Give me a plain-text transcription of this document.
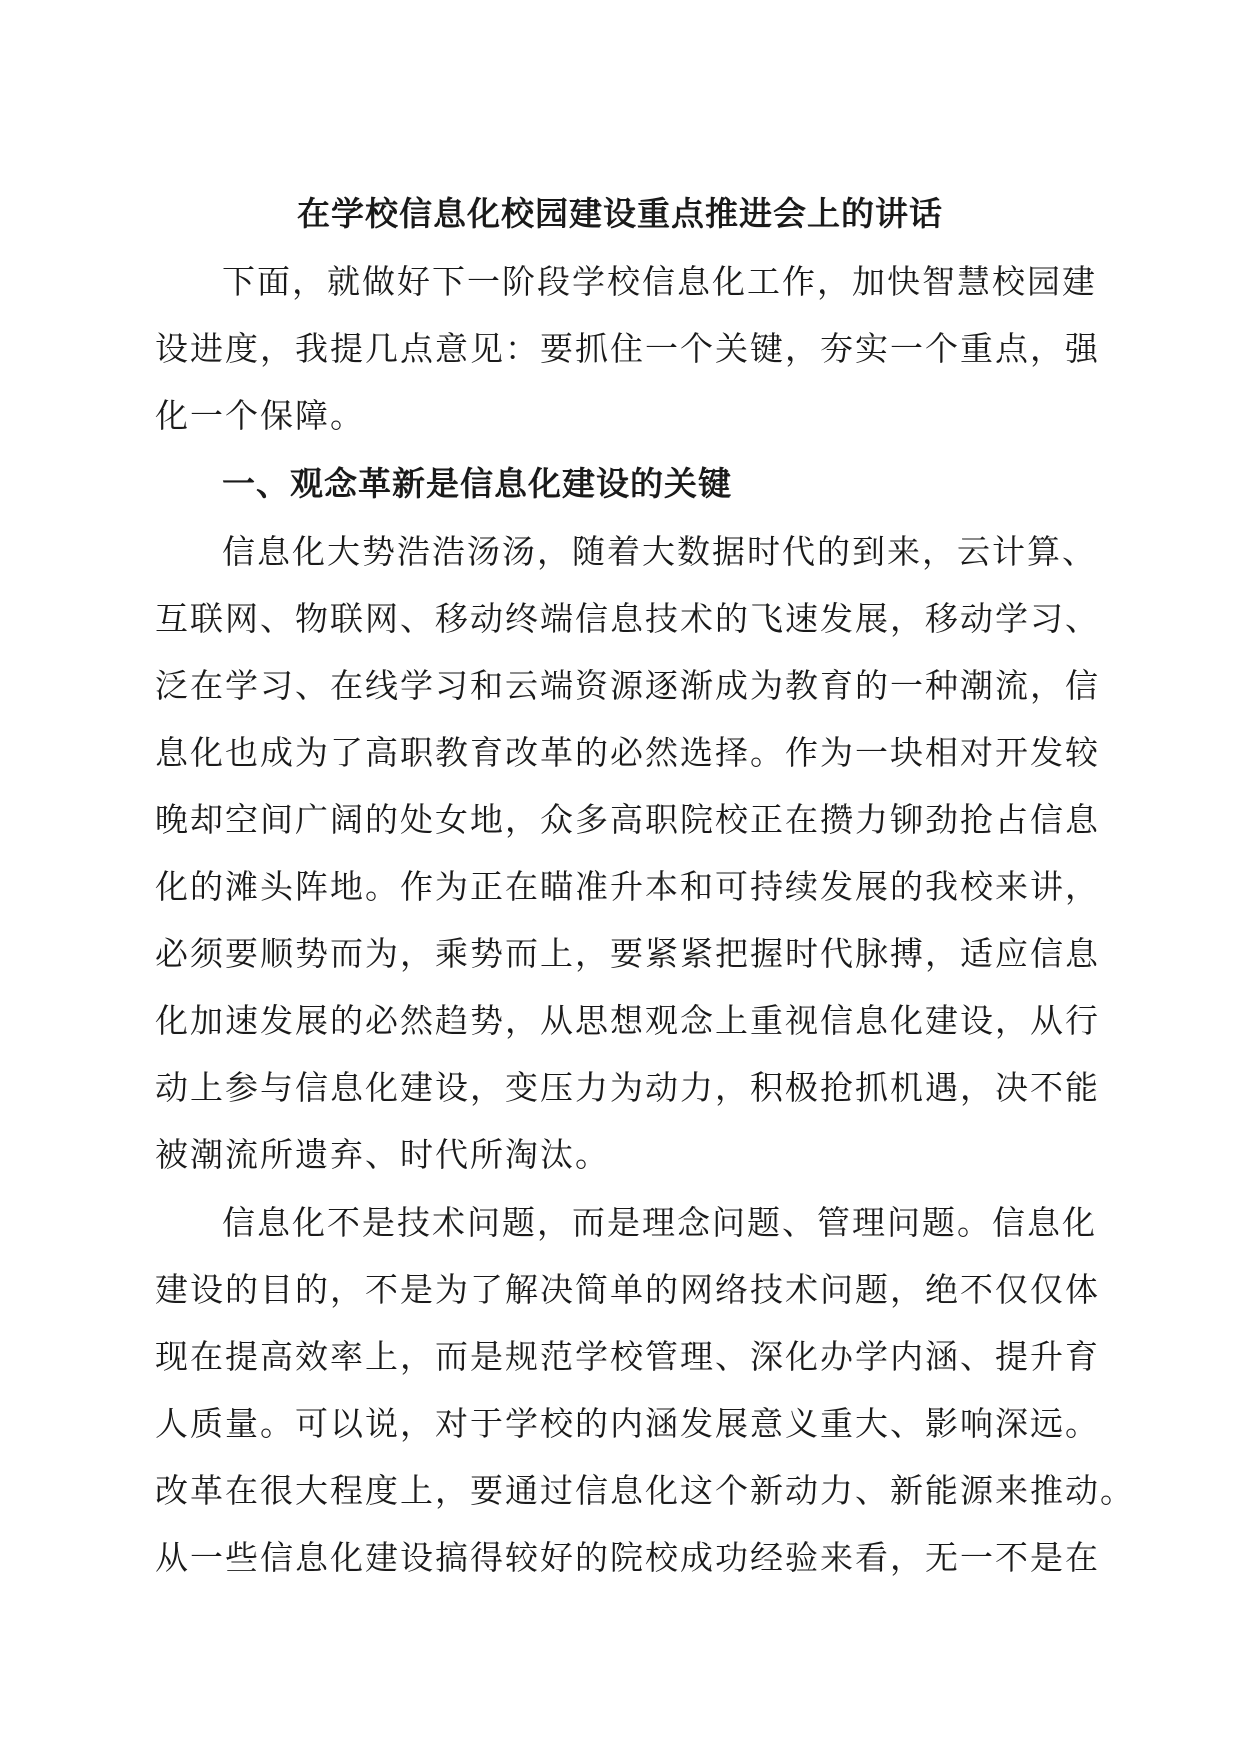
在学校信息化校园建设重点推进会上的讲话
下面，就做好下一阶段学校信息化工作，加快智慧校园建
设进度，我提几点意见：要抓住一个关键，夯实一个重点，强
化一个保障。
一、观念革新是信息化建设的关键
信息化大势浩浩汤汤，随着大数据时代的到来，云计算、
互联网、物联网、移动终端信息技术的飞速发展，移动学习、
泛在学习、在线学习和云端资源逐渐成为教育的一种潮流，信
息化也成为了高职教育改革的必然选择。作为一块相对开发较
晚却空间广阔的处女地，众多高职院校正在攒力铆劲抢占信息
化的滩头阵地。作为正在瞄准升本和可持续发展的我校来讲，
必须要顺势而为，乘势而上，要紧紧把握时代脉搏，适应信息
化加速发展的必然趋势，从思想观念上重视信息化建设，从行
动上参与信息化建设，变压力为动力，积极抢抓机遇，决不能
被潮流所遗弃、时代所淘汰。
信息化不是技术问题，而是理念问题、管理问题。信息化
建设的目的，不是为了解决简单的网络技术问题，绝不仅仅体
现在提高效率上，而是规范学校管理、深化办学内涵、提升育
人质量。可以说，对于学校的内涵发展意义重大、影响深远。
改革在很大程度上，要通过信息化这个新动力、新能源来推动。
从一些信息化建设搞得较好的院校成功经验来看，无一不是在
